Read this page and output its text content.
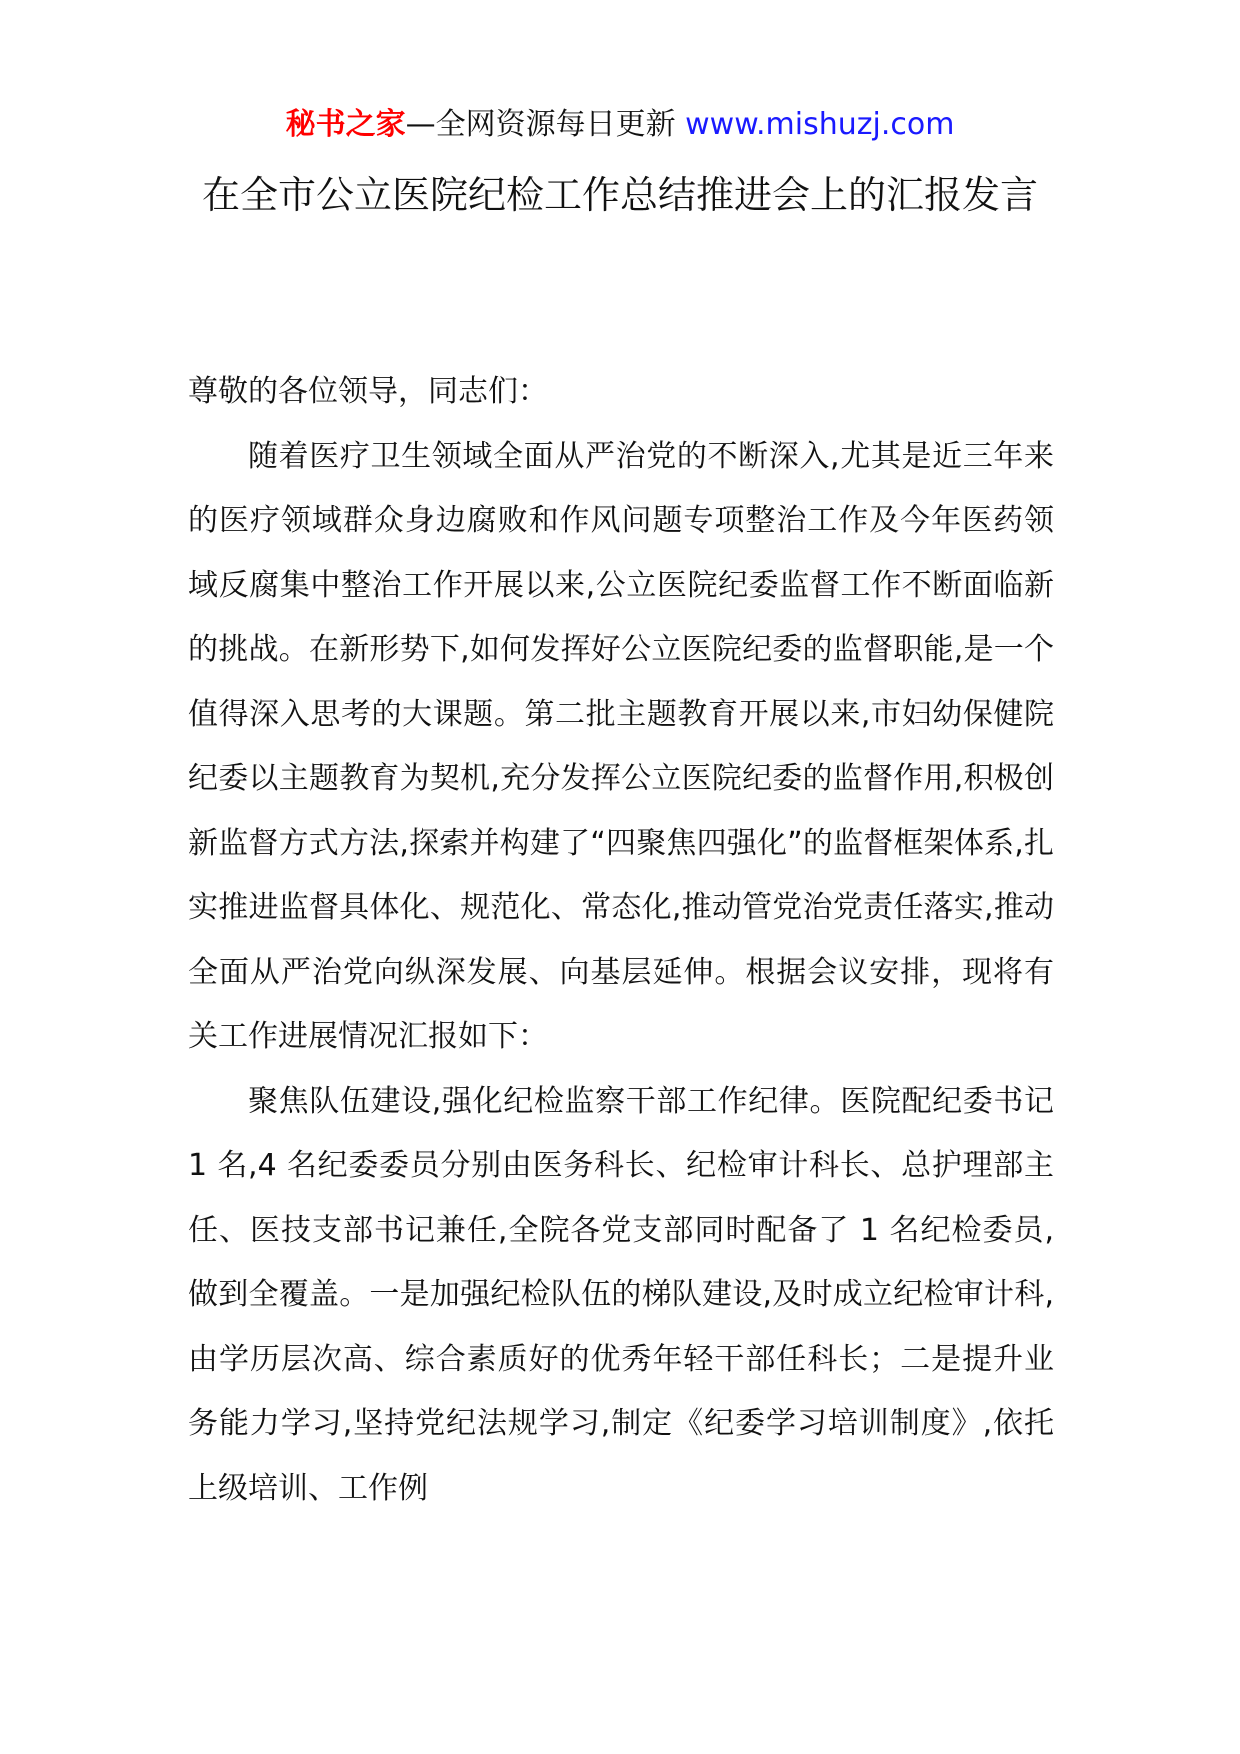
秘书之家—全网资源每日更新 www.mishuzj.com
在全市公立医院纪检工作总结推进会上的汇报发言

尊敬的各位领导，同志们：

随着医疗卫生领域全面从严治党的不断深入,尤其是近三年来的医疗领域群众身边腐败和作风问题专项整治工作及今年医药领域反腐集中整治工作开展以来,公立医院纪委监督工作不断面临新的挑战。在新形势下,如何发挥好公立医院纪委的监督职能,是一个值得深入思考的大课题。第二批主题教育开展以来,市妇幼保健院纪委以主题教育为契机,充分发挥公立医院纪委的监督作用,积极创新监督方式方法,探索并构建了“四聚焦四强化”的监督框架体系,扎实推进监督具体化、规范化、常态化,推动管党治党责任落实,推动全面从严治党向纵深发展、向基层延伸。根据会议安排，现将有关工作进展情况汇报如下：

聚焦队伍建设,强化纪检监察干部工作纪律。医院配纪委书记 1 名,4 名纪委委员分别由医务科长、纪检审计科长、总护理部主任、医技支部书记兼任,全院各党支部同时配备了 1 名纪检委员,做到全覆盖。一是加强纪检队伍的梯队建设,及时成立纪检审计科,由学历层次高、综合素质好的优秀年轻干部任科长；二是提升业务能力学习,坚持党纪法规学习,制定《纪委学习培训制度》,依托上级培训、工作例
